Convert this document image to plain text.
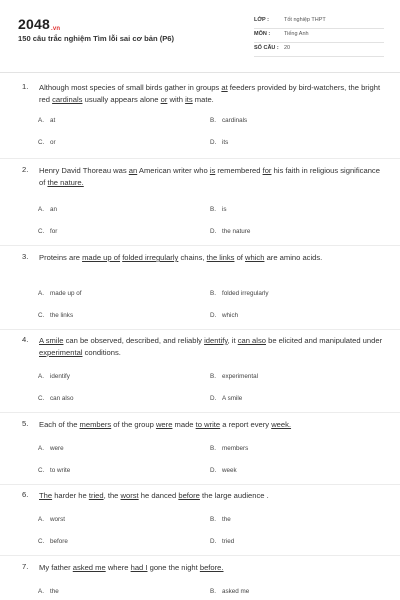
2048.vn
150 câu trắc nghiệm Tìm lỗi sai cơ bản (P6)
LỚP :	Tốt nghiệp THPT
MÔN :	Tiếng Anh
SỐ CÂU : 20
1. Although most species of small birds gather in groups at feeders provided by bird-watchers, the bright red cardinals usually appears alone or with its mate.
A. at	B. cardinals
C. or	D. its
2. Henry David Thoreau was an American writer who is remembered for his faith in religious significance of the nature.
A. an	B. is
C. for	D. the nature
3. Proteins are made up of folded irregularly chains, the links of which are amino acids.
A. made up of	B. folded irregularly
C. the links	D. which
4. A smile can be observed, described, and reliably identify, it can also be elicited and manipulated under experimental conditions.
A. identify	B. experimental
C. can also	D. A smile
5. Each of the members of the group were made to write a report every week.
A. were	B. members
C. to write	D. week
6. The harder he tried, the worst he danced before the large audience .
A. worst	B. the
C. before	D. tried
7. My father asked me where had I gone the night before.
A. the	B. asked me
